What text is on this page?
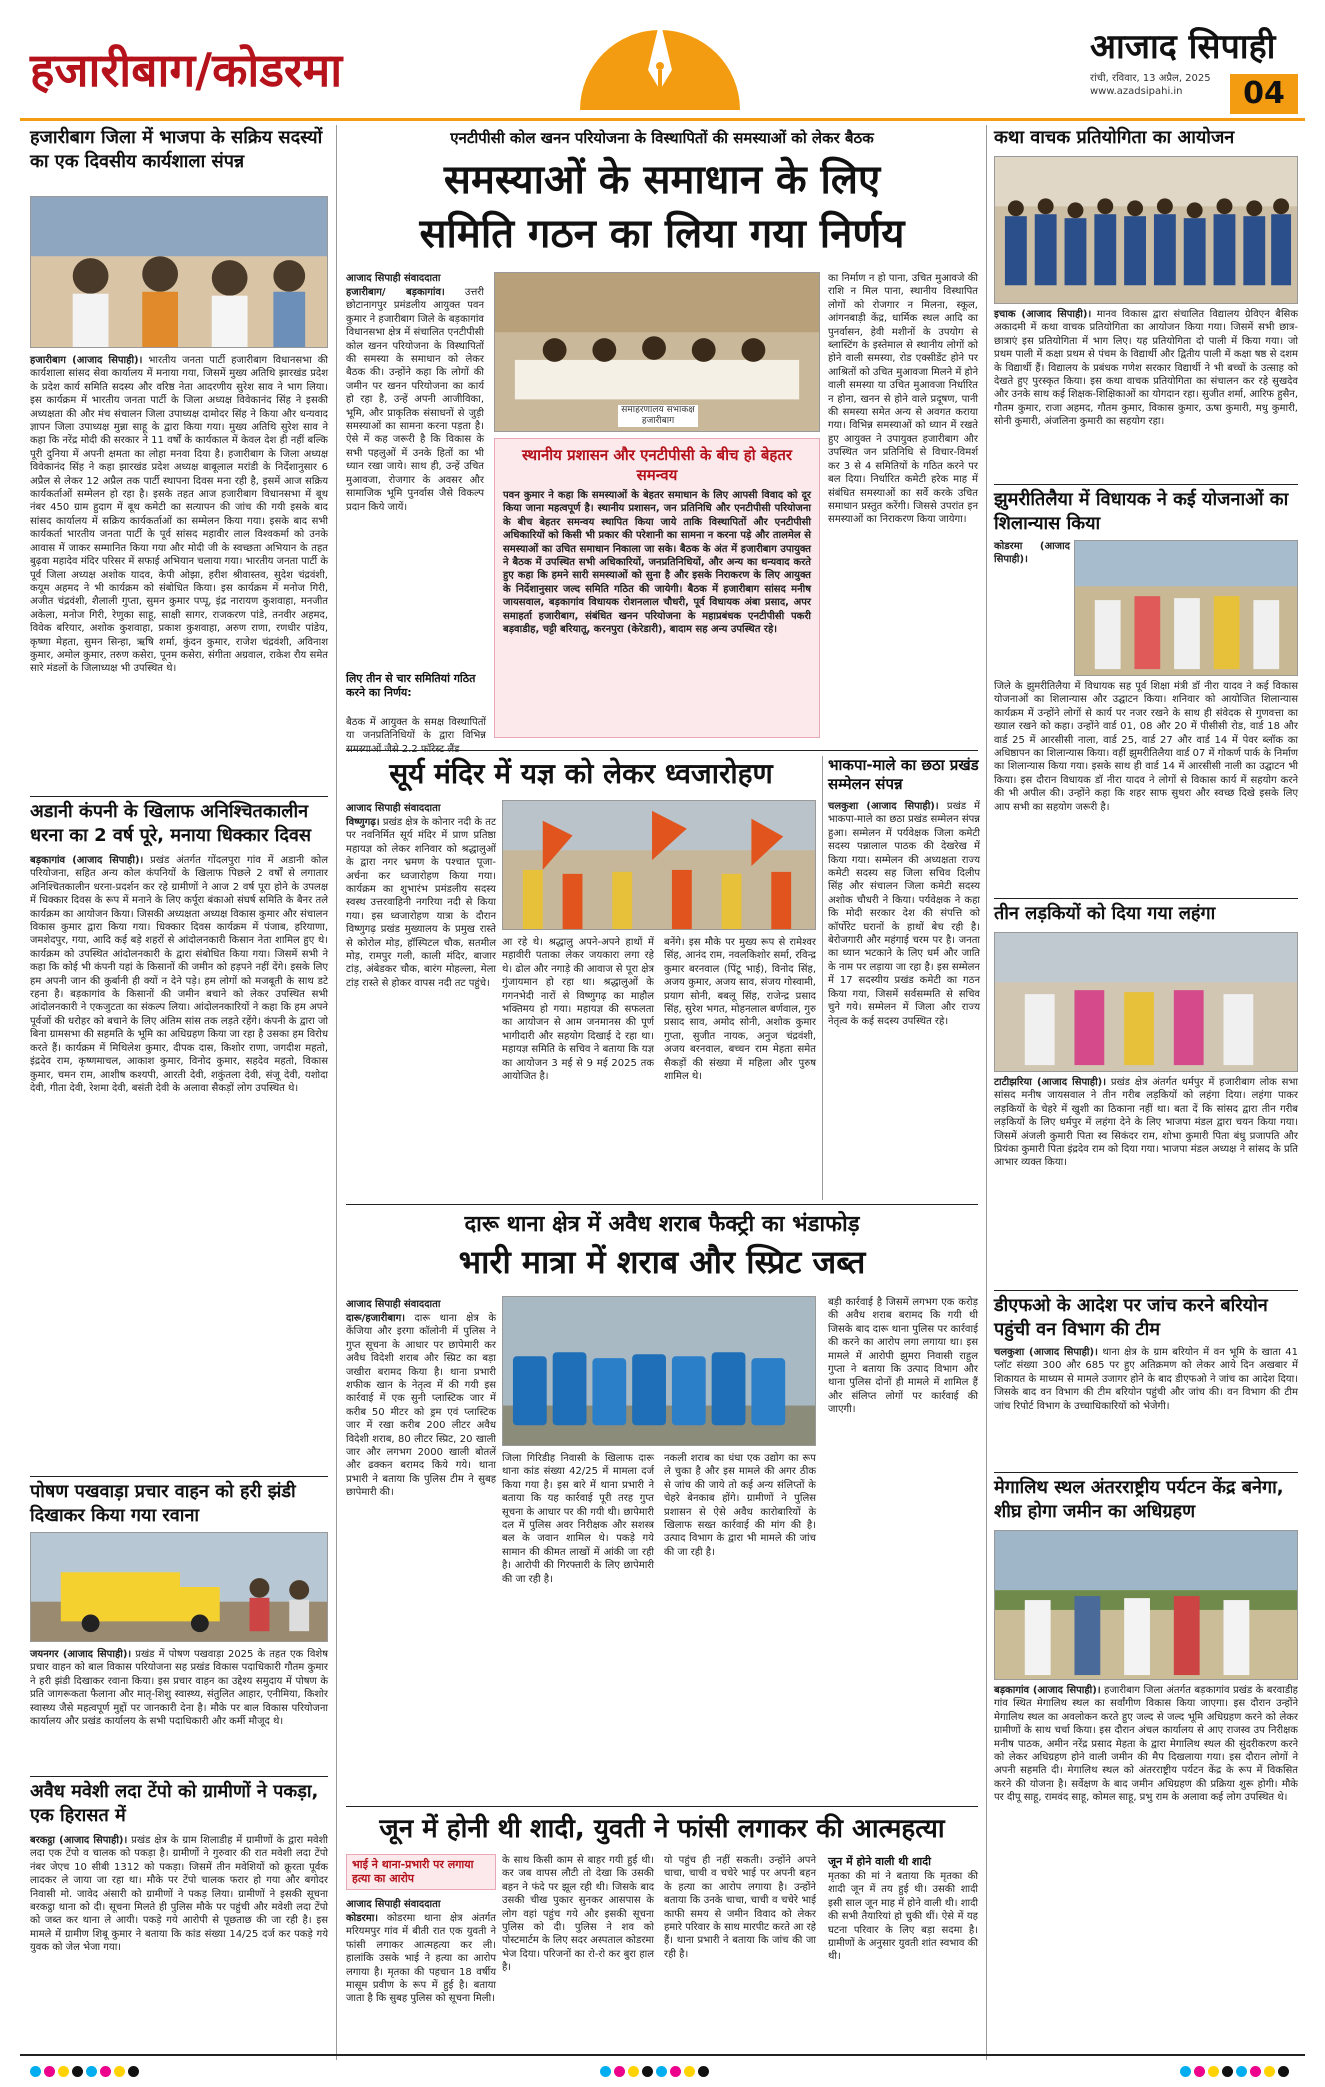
हजारीबाग/कोडरमा	आजाद सिपाही
रांची, रविवार, 13 अप्रैल, 2025
www.azadsipahi.in	04
हजारीबाग जिला में भाजपा के सक्रिय सदस्यों का एक दिवसीय कार्यशाला संपन्न
हजारीबाग (आजाद सिपाही)। भारतीय जनता पार्टी हजारीबाग विधानसभा की कार्यशाला सांसद सेवा कार्यालय में मनाया गया, जिसमें मुख्य अतिथि झारखंड प्रदेश के प्रदेश कार्य समिति सदस्य और वरिष्ठ नेता आदरणीय सुरेश साव ने भाग लिया। इस कार्यक्रम में भारतीय जनता पार्टी के जिला अध्यक्ष विवेकानंद सिंह ने इसकी अध्यक्षता की और मंच संचालन जिला उपाध्यक्ष दामोदर सिंह ने किया और धन्यवाद ज्ञापन जिला उपाध्यक्ष मुन्ना साहू के द्वारा किया गया। मुख्य अतिथि सुरेश साव ने कहा कि नरेंद्र मोदी की सरकार ने 11 वर्षों के कार्यकाल में केवल देश ही नहीं बल्कि पूरी दुनिया में अपनी क्षमता का लोहा मनवा दिया है। हजारीबाग के जिला अध्यक्ष विवेकानंद सिंह ने कहा झारखंड प्रदेश अध्यक्ष बाबूलाल मरांडी के निर्देशानुसार 6 अप्रैल से लेकर 12 अप्रैल तक पार्टी स्थापना दिवस मना रही है, इसमें आज सक्रिय कार्यकर्ताओं सम्मेलन हो रहा है। इसके तहत आज हजारीबाग विधानसभा में बूथ नंबर 450 ग्राम हुदाग में बूथ कमेटी का सत्यापन की जांच की गयी इसके बाद सांसद कार्यालय में सक्रिय कार्यकर्ताओं का सम्मेलन किया गया। इसके बाद सभी कार्यकर्ता भारतीय जनता पार्टी के पूर्व सांसद महावीर लाल विश्वकर्मा को उनके आवास में जाकर सम्मानित किया गया और मोदी जी के स्वच्छता अभियान के तहत बुढ़वा महादेव मंदिर परिसर में सफाई अभियान चलाया गया। भारतीय जनता पार्टी के पूर्व जिला अध्यक्ष अशोक यादव, केपी ओझा, हरीश श्रीवास्तव, सुदेश चंद्रवंशी, कयूम अहमद ने भी कार्यक्रम को संबोधित किया। इस कार्यक्रम में मनोज गिरी, अजीत चंद्रवंशी, शैलाली गुप्ता, सुमन कुमार पप्पू, इंद्र नारायण कुशवाहा, मनजीत अकेला, मनोज गिरी, रेणुका साहू, साक्षी सागर, राजकरण पांडे, तनवीर अहमद, विवेक बरियार, अशोक कुशवाहा, प्रकाश कुशवाहा, अरुण राणा, रणधीर पांडेय, कृष्णा मेहता, सुमन सिन्हा, ऋषि शर्मा, कुंदन कुमार, राजेश चंद्रवंशी, अविनाश कुमार, अमोल कुमार, तरुण कसेरा, पूनम कसेरा, संगीता अग्रवाल, राकेश रौय समेत सारे मंडलों के जिलाध्यक्ष भी उपस्थित थे।
अडानी कंपनी के खिलाफ अनिश्चितकालीन धरना का 2 वर्ष पूरे, मनाया धिक्कार दिवस
बड़कागांव (आजाद सिपाही)। प्रखंड अंतर्गत गोंदलपुरा गांव में अडानी कोल परियोजना, सहित अन्य कोल कंपनियों के खिलाफ पिछले 2 वर्षों से लगातार अनिश्चितकालीन धरना-प्रदर्शन कर रहे ग्रामीणों ने आज 2 वर्ष पूरा होने के उपलक्ष में धिक्कार दिवस के रूप में मनाने के लिए कर्पूरा बंकाओ संघर्ष समिति के बैनर तले कार्यक्रम का आयोजन किया। जिसकी अध्यक्षता अध्यक्ष विकास कुमार और संचालन विकास कुमार द्वारा किया गया। धिक्कार दिवस कार्यक्रम में पंजाब, हरियाणा, जमशेदपुर, गया, आदि कई बड़े शहरों से आंदोलनकारी किसान नेता शामिल हुए थे। कार्यक्रम को उपस्थित आंदोलनकारी के द्वारा संबोधित किया गया। जिसमें सभी ने कहा कि कोई भी कंपनी यहां के किसानों की जमीन को हड़पने नहीं देंगे। इसके लिए हम अपनी जान की कुर्बानी ही क्यों न देने पड़े। हम लोगों को मजबूती के साथ डटे रहना है। बड़कागांव के किसानों की जमीन बचाने को लेकर उपस्थित सभी आंदोलनकारी ने एकजुटता का संकल्प लिया। आंदोलनकारियों ने कहा कि हम अपने पूर्वजों की धरोहर को बचाने के लिए अंतिम सांस तक लड़ते रहेंगे। कंपनी के द्वारा जो बिना ग्रामसभा की सहमति के भूमि का अधिग्रहण किया जा रहा है उसका हम विरोध करते हैं। कार्यक्रम में मिथिलेश कुमार, दीपक दास, किशोर राणा, जगदीश महतो, इंद्रदेव राम, कृष्णमाचल, आकाश कुमार, विनोद कुमार, सहदेव महतो, विकास कुमार, चमन राम, आशीष कश्यपी, आरती देवी, शकुंतला देवी, संजू देवी, यशोदा देवी, गीता देवी, रेशमा देवी, बसंती देवी के अलावा सैकड़ों लोग उपस्थित थे।
पोषण पखवाड़ा प्रचार वाहन को हरी झंडी दिखाकर किया गया रवाना
जयनगर (आजाद सिपाही)। प्रखंड में पोषण पखवाड़ा 2025 के तहत एक विशेष प्रचार वाहन को बाल विकास परियोजना सह प्रखंड विकास पदाधिकारी गौतम कुमार ने हरी झंडी दिखाकर रवाना किया। इस प्रचार वाहन का उद्देश्य समुदाय में पोषण के प्रति जागरूकता फैलाना और मातृ-शिशु स्वास्थ्य, संतुलित आहार, एनीमिया, किशोर स्वास्थ्य जैसे महत्वपूर्ण मुद्दों पर जानकारी देना है। मौके पर बाल विकास परियोजना कार्यालय और प्रखंड कार्यालय के सभी पदाधिकारी और कर्मी मौजूद थे।
अवैध मवेशी लदा टेंपो को ग्रामीणों ने पकड़ा, एक हिरासत में
बरकट्ठा (आजाद सिपाही)। प्रखंड क्षेत्र के ग्राम शिलाडीह में ग्रामीणों के द्वारा मवेशी लदा एक टेंपो व चालक को पकड़ा है। ग्रामीणों ने गुरुवार की रात मवेशी लदा टेंपो नंबर जेएच 10 सीबी 1312 को पकड़ा। जिसमें तीन मवेशियों को क्रूरता पूर्वक लादकर ले जाया जा रहा था। मौके पर टेंपो चालक फरार हो गया और बगोदर निवासी मो. जावेद अंसारी को ग्रामीणों ने पकड़ लिया। ग्रामीणों ने इसकी सूचना बरकट्ठा थाना को दी। सूचना मिलते ही पुलिस मौके पर पहुंची और मवेशी लदा टेंपो को जब्त कर थाना ले आयी। पकड़े गये आरोपी से पूछताछ की जा रही है। इस मामले में ग्रामीण शिबू कुमार ने बताया कि कांड संख्या 14/25 दर्ज कर पकड़े गये युवक को जेल भेजा गया।
एनटीपीसी कोल खनन परियोजना के विस्थापितों की समस्याओं को लेकर बैठक
समस्याओं के समाधान के लिए
समिति गठन का लिया गया निर्णय
आजाद सिपाही संवाददाता
हजारीबाग/ बड़कागांव। उत्तरी छोटानागपुर प्रमंडलीय आयुक्त पवन कुमार ने हजारीबाग जिले के बड़कागांव विधानसभा क्षेत्र में संचालित एनटीपीसी कोल खनन परियोजना के विस्थापितों की समस्या के समाधान को लेकर बैठक की। उन्होंने कहा कि लोगों की जमीन पर खनन परियोजना का कार्य हो रहा है, उन्हें अपनी आजीविका, भूमि, और प्राकृतिक संसाधनों से जुड़ी समस्याओं का सामना करना पड़ता है। ऐसे में कह जरूरी है कि विकास के सभी पहलुओं में उनके हितों का भी ध्यान रखा जाये। साथ ही, उन्हें उचित मुआवजा, रोजगार के अवसर और सामाजिक भूमि पुनर्वास जैसे विकल्प प्रदान किये जायें।
लिए तीन से चार समितियां गठित करने का निर्णय:
बैठक में आयुक्त के समक्ष विस्थापितों या जनप्रतिनिधियों के द्वारा विभिन्न
समाहरणालय सभाकक्ष हजारीबाग
स्थानीय प्रशासन और एनटीपीसी के बीच हो बेहतर समन्वय
पवन कुमार ने कहा कि समस्याओं के बेहतर समाधान के लिए आपसी विवाद को दूर किया जाना महत्वपूर्ण है। स्थानीय प्रशासन, जन प्रतिनिधि और एनटीपीसी परियोजना के बीच बेहतर समन्वय स्थापित किया जाये ताकि विस्थापितों और एनटीपीसी अधिकारियों को किसी भी प्रकार की परेशानी का सामना न करना पड़े और तालमेल से समस्याओं का उचित समाधान निकाला जा सके। बैठक के अंत में हजारीबाग उपायुक्त ने बैठक में उपस्थित सभी अधिकारियों, जनप्रतिनिधियों, और अन्य का धन्यवाद करते हुए कहा कि हमने सारी समस्याओं को सुना है और इसके निराकरण के लिए आयुक्त के निर्देशानुसार जल्द समिति गठित की जायेगी। बैठक में हजारीबाग सांसद मनीष जायसवाल, बड़कागांव विधायक रोशनलाल चौधरी, पूर्व विधायक अंबा प्रसाद, अपर समाहर्ता हजारीबाग, संबंधित खनन परियोजना के महाप्रबंधक एनटीपीसी पकरी बड़वाडीह, चट्टी बरियातू, करनपुरा (केरेडारी), बादाम सह अन्य उपस्थित रहे।
का निर्माण न हो पाना, उचित मुआवजे की राशि न मिल पाना, स्थानीय विस्थापित लोगों को रोजगार न मिलना, स्कूल, आंगनबाड़ी केंद्र, धार्मिक स्थल आदि का पुनर्वासन, हेवी मशीनों के उपयोग से ब्लास्टिंग के इस्तेमाल से स्थानीय लोगों को होने वाली समस्या, रोड एक्सीडेंट होने पर आश्रितों को उचित मुआवजा मिलने में होने वाली समस्या या उचित मुआवजा निर्धारित न होना, खनन से होने वाले प्रदूषण, पानी की समस्या समेत अन्य से अवगत कराया गया। विभिन्न समस्याओं को ध्यान में रखते हुए आयुक्त ने उपायुक्त हजारीबाग और उपस्थित जन प्रतिनिधि से विचार-विमर्श कर 3 से 4 समितियों के गठित करने पर बल दिया। निर्धारित कमेटी हरेक माह में संबंधित समस्याओं का सर्वे करके उचित समाधान प्रस्तुत करेंगी। जिससे उपरांत इन समस्याओं का निराकरण किया जायेगा।
सूर्य मंदिर में यज्ञ को लेकर ध्वजारोहण
आजाद सिपाही संवाददाता
विष्णुगढ़। प्रखंड क्षेत्र के कोनार नदी के तट पर नवनिर्मित सूर्य मंदिर में प्राण प्रतिष्ठा महायज्ञ को लेकर शनिवार को श्रद्धालुओं के द्वारा नगर भ्रमण के पश्चात पूजा-अर्चना कर ध्वजारोहण किया गया। कार्यक्रम का शुभारंभ प्रमंडलीय सदस्य स्वस्थ उत्तरवाहिनी नगरिया नदी से किया गया। इस ध्वजारोहण यात्रा के दौरान विष्णुगढ़ प्रखंड मुख्यालय के प्रमुख रास्ते से कोरोल मोड़, हॉस्पिटल चौक, सतमील मोड़, रामपुर गली, काली मंदिर, बाजार टांड़, अंबेडकर चौक, बारंग मोहल्ला, मेला टांड़ रास्ते से होकर वापस नदी तट पहुंचे।
आ रहे थे। श्रद्धालु अपने-अपने हाथों में महावीरी पताका लेकर जयकारा लगा रहे थे। ढोल और नगाड़े की आवाज से पूरा क्षेत्र गुंजायमान हो रहा था। श्रद्धालुओं के गगनभेदी नारों से विष्णुगढ़ का माहौल भक्तिमय हो गया। महायज्ञ की सफलता का आयोजन से आम जनमानस की पूर्ण भागीदारी और सहयोग दिखाई दे रहा था। महायज्ञ समिति के सचिव ने बताया कि यज्ञ का आयोजन 3 मई से 9 मई 2025 तक आयोजित है।
बनेंगे। इस मौके पर मुख्य रूप से रामेश्वर सिंह, आनंद राम, नवलकिशोर सर्मा, रविन्द्र कुमार बरनवाल (पिंटू भाई), विनोद सिंह, अजय कुमार, अजय साव, संजय गोस्वामी, प्रयाग सोनी, बबलू सिंह, राजेन्द्र प्रसाद सिंह, सुरेश भगत, मोहनलाल बर्णवाल, गुरु प्रसाद साव, अमोद सोनी, अशोक कुमार गुप्ता, सुजीत नायक, अनुज चंद्रवंशी, अजय बरनवाल, बच्चन राम मेहता समेत सैकड़ों की संख्या में महिला और पुरुष शामिल थे।
भाकपा-माले का छठा प्रखंड सम्मेलन संपन्न
चलकुशा (आजाद सिपाही)। प्रखंड में भाकपा-माले का छठा प्रखंड सम्मेलन संपन्न हुआ। सम्मेलन में पर्यवेक्षक जिला कमेटी सदस्य पन्नालाल पाठक की देखरेख में किया गया। सम्मेलन की अध्यक्षता राज्य कमेटी सदस्य सह जिला सचिव दिलीप सिंह और संचालन जिला कमेटी सदस्य अशोक चौधरी ने किया। पर्यवेक्षक ने कहा कि मोदी सरकार देश की संपत्ति को कॉर्पोरेट घरानों के हाथों बेच रही है। बेरोजगारी और महंगाई चरम पर है। जनता का ध्यान भटकाने के लिए धर्म और जाति के नाम पर लड़ाया जा रहा है। इस सम्मेलन में 17 सदस्यीय प्रखंड कमेटी का गठन किया गया, जिसमें सर्वसम्मति से सचिव चुने गये। सम्मेलन में जिला और राज्य नेतृत्व के कई सदस्य उपस्थित रहे।
दारू थाना क्षेत्र में अवैध शराब फैक्ट्री का भंडाफोड़
भारी मात्रा में शराब और स्प्रिट जब्त
आजाद सिपाही संवाददाता
दारू/हजारीबाग। दारू थाना क्षेत्र के केंजिया और इरगा कॉलोनी में पुलिस ने गुप्त सूचना के आधार पर छापेमारी कर अवैध विदेशी शराब और स्प्रिट का बड़ा जखीरा बरामद किया है। थाना प्रभारी शफीक खान के नेतृत्व में की गयी इस कार्रवाई में एक सुनी प्लास्टिक जार में करीब 50 मीटर को ड्रम एवं प्लास्टिक जार में रखा करीब 200 लीटर अवैध विदेशी शराब, 80 लीटर स्प्रिट, 20 खाली जार और लगभग 2000 खाली बोतलें और ढक्कन बरामद किये गये। थाना प्रभारी ने बताया कि पुलिस टीम ने सुबह छापेमारी की।
जिला गिरिडीह निवासी के खिलाफ दारू थाना कांड संख्या 42/25 में मामला दर्ज किया गया है। इस बारे में थाना प्रभारी ने बताया कि यह कार्रवाई पूरी तरह गुप्त सूचना के आधार पर की गयी थी। छापेमारी दल में पुलिस अवर निरीक्षक और सशस्त्र बल के जवान शामिल थे। पकड़े गये सामान की कीमत लाखों में आंकी जा रही है। आरोपी की गिरफ्तारी के लिए छापेमारी की जा रही है।
नकली शराब का धंधा एक उद्योग का रूप ले चुका है और इस मामले की अगर ठीक से जांच की जाये तो कई अन्य संलिप्तों के चेहरे बेनकाब होंगे। ग्रामीणों ने पुलिस प्रशासन से ऐसे अवैध कारोबारियों के खिलाफ सख्त कार्रवाई की मांग की है। उत्पाद विभाग के द्वारा भी मामले की जांच की जा रही है।
बड़ी कार्रवाई है जिसमें लगभग एक करोड़ की अवैध शराब बरामद कि गयी थी जिसके बाद दारू थाना पुलिस पर कार्रवाई की करने का आरोप लगा लगाया था। इस मामले में आरोपी झुमरा निवासी राहुल गुप्ता ने बताया कि उत्पाद विभाग और थाना पुलिस दोनों ही मामले में शामिल हैं और संलिप्त लोगों पर कार्रवाई की जाएगी।
जून में होनी थी शादी, युवती ने फांसी लगाकर की आत्महत्या
भाई ने थाना-प्रभारी पर लगाया हत्या का आरोप
आजाद सिपाही संवाददाता
कोडरमा। कोडरमा थाना क्षेत्र अंतर्गत मरियमपुर गांव में बीती रात एक युवती ने फांसी लगाकर आत्महत्या कर ली। हालांकि उसके भाई ने हत्या का आरोप लगाया है। मृतका की पहचान 18 वर्षीय मासूम प्रवीण के रूप में हुई है। बताया जाता है कि सुबह पुलिस को सूचना मिली।
के साथ किसी काम से बाहर गयी हुई थी। कर जब वापस लौटी तो देखा कि उसकी बहन ने फंदे पर झूल रही थी। जिसके बाद उसकी चीख पुकार सुनकर आसपास के लोग वहां पहुंच गये और इसकी सूचना पुलिस को दी। पुलिस ने शव को पोस्टमार्टम के लिए सदर अस्पताल कोडरमा भेज दिया। परिजनों का रो-रो कर बुरा हाल है।
यो पहुंच ही नहीं सकती। उन्होंने अपने चाचा, चाची व चचेरे भाई पर अपनी बहन के हत्या का आरोप लगाया है। उन्होंने बताया कि उनके चाचा, चाची व चचेरे भाई काफी समय से जमीन विवाद को लेकर हमारे परिवार के साथ मारपीट करते आ रहे हैं। थाना प्रभारी ने बताया कि जांच की जा रही है।
जून में होने वाली थी शादी
मृतका की मां ने बताया कि मृतका की शादी जून में तय हुई थी। उसकी शादी इसी साल जून माह में होने वाली थी। शादी की सभी तैयारियां हो चुकी थीं। ऐसे में यह घटना परिवार के लिए बड़ा सदमा है। ग्रामीणों के अनुसार युवती शांत स्वभाव की थी।
कथा वाचक प्रतियोगिता का आयोजन
इचाक (आजाद सिपाही)। मानव विकास द्वारा संचालित विद्यालय ग्रेविएन बैसिक अकादमी में कथा वाचक प्रतियोगिता का आयोजन किया गया। जिसमें सभी छात्र-छात्राएं इस प्रतियोगिता में भाग लिए। यह प्रतियोगिता दो पाली में किया गया। जो प्रथम पाली में कक्षा प्रथम से पंचम के विद्यार्थी और द्वितीय पाली में कक्षा षष्ठ से दशम के विद्यार्थी हैं। विद्यालय के प्रबंधक गणेश सरकार विद्यार्थी ने भी बच्चों के उत्साह को देखते हुए पुरस्कृत किया। इस कथा वाचक प्रतियोगिता का संचालन कर रहे सुखदेव और उनके साथ कई शिक्षक-शिक्षिकाओं का योगदान रहा। सुजीत शर्मा, आरिफ हुसैन, गौतम कुमार, राजा अहमद, गौतम कुमार, विकास कुमार, ऊषा कुमारी, मधु कुमारी, सोनी कुमारी, अंजलिना कुमारी का सहयोग रहा।
झुमरीतिलैया में विधायक ने कई योजनाओं का शिलान्यास किया
कोडरमा (आजाद सिपाही)।
जिले के झुमरीतिलैया में विधायक सह पूर्व शिक्षा मंत्री डॉ नीरा यादव ने कई विकास योजनाओं का शिलान्यास और उद्घाटन किया। शनिवार को आयोजित शिलान्यास कार्यक्रम में उन्होंने लोगों से कार्य पर नजर रखने के साथ ही संवेदक से गुणवत्ता का ख्याल रखने को कहा। उन्होंने वार्ड 01, 08 और 20 में पीसीसी रोड, वार्ड 18 और वार्ड 25 में आरसीसी नाला, वार्ड 25, वार्ड 27 और वार्ड 14 में पेवर ब्लॉक का अधिष्ठापन का शिलान्यास किया। वहीं झुमरीतिलैया वार्ड 07 में गोकर्ण पार्क के निर्माण का शिलान्यास किया गया। इसके साथ ही वार्ड 14 में आरसीसी नाली का उद्घाटन भी किया। इस दौरान विधायक डॉ नीरा यादव ने लोगों से विकास कार्य में सहयोग करने की भी अपील की। उन्होंने कहा कि शहर साफ सुथरा और स्वच्छ दिखे इसके लिए आप सभी का सहयोग जरूरी है।
तीन लड़कियों को दिया गया लहंगा
टाटीझरिया (आजाद सिपाही)। प्रखंड क्षेत्र अंतर्गत धर्मपुर में हजारीबाग लोक सभा सांसद मनीष जायसवाल ने तीन गरीब लड़कियों को लहंगा दिया। लहंगा पाकर लड़कियों के चेहरे में खुशी का ठिकाना नहीं था। बता दें कि सांसद द्वारा तीन गरीब लड़कियों के लिए धर्मपुर में लहंगा देने के लिए भाजपा मंडल द्वारा चयन किया गया। जिसमें अंजली कुमारी पिता स्व सिकंदर राम, शोभा कुमारी पिता बंधु प्रजापति और प्रियंका कुमारी पिता इंद्रदेव राम को दिया गया। भाजपा मंडल अध्यक्ष ने सांसद के प्रति आभार व्यक्त किया।
डीएफओ के आदेश पर जांच करने बरियोन पहुंची वन विभाग की टीम
चलकुशा (आजाद सिपाही)। थाना क्षेत्र के ग्राम बरियोन में वन भूमि के खाता 41 प्लॉट संख्या 300 और 685 पर हुए अतिक्रमण को लेकर आये दिन अखबार में शिकायत के माध्यम से मामले उजागर होने के बाद डीएफओ ने जांच का आदेश दिया। जिसके बाद वन विभाग की टीम बरियोन पहुंची और जांच की। वन विभाग की टीम जांच रिपोर्ट विभाग के उच्चाधिकारियों को भेजेगी।
मेगालिथ स्थल अंतरराष्ट्रीय पर्यटन केंद्र बनेगा, शीघ्र होगा जमीन का अधिग्रहण
बड़कागांव (आजाद सिपाही)। हजारीबाग जिला अंतर्गत बड़कागांव प्रखंड के बरवाडीह गांव स्थित मेगालिथ स्थल का सर्वांगीण विकास किया जाएगा। इस दौरान उन्होंने मेगालिथ स्थल का अवलोकन करते हुए जल्द से जल्द भूमि अधिग्रहण करने को लेकर ग्रामीणों के साथ चर्चा किया। इस दौरान अंचल कार्यालय से आए राजस्व उप निरीक्षक मनीष पाठक, अमीन नरेंद्र प्रसाद मेहता के द्वारा मेगालिथ स्थल की सुंदरीकरण करने को लेकर अधिग्रहण होने वाली जमीन की मैप दिखलाया गया। इस दौरान लोगों ने अपनी सहमति दी। मेगालिथ स्थल को अंतरराष्ट्रीय पर्यटन केंद्र के रूप में विकसित करने की योजना है। सर्वेक्षण के बाद जमीन अधिग्रहण की प्रक्रिया शुरू होगी। मौके पर दीपू साहू, रामवंद साहू, कोमल साहू, प्रभु राम के अलावा कई लोग उपस्थित थे।
